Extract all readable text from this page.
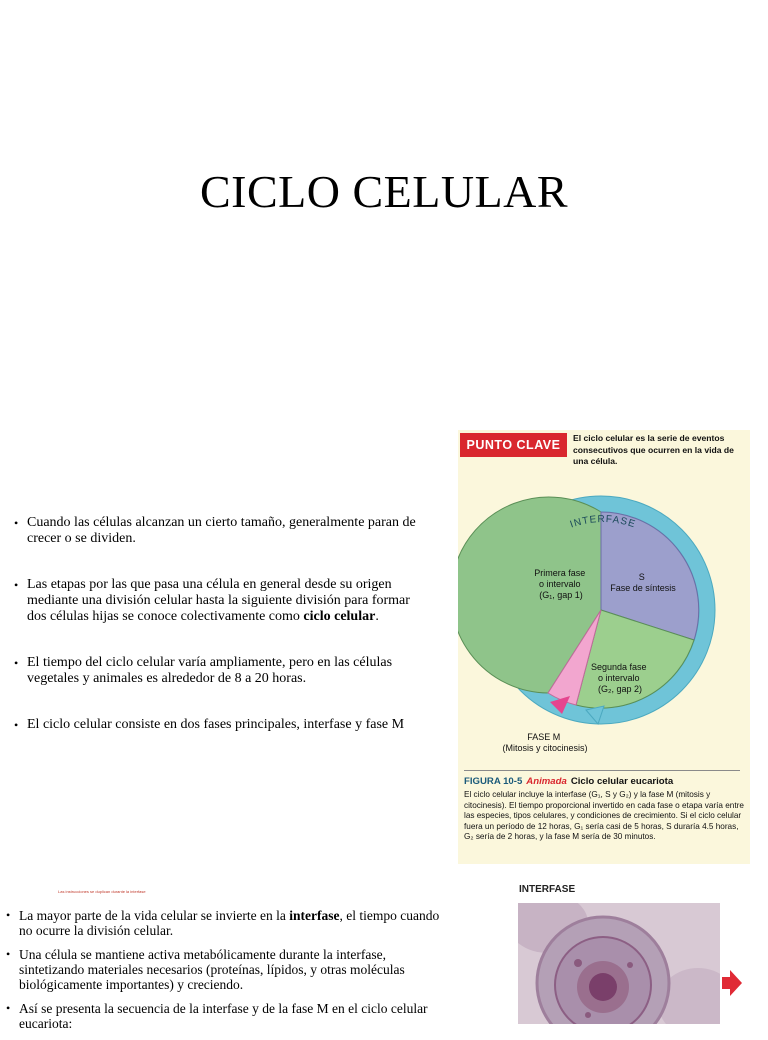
CICLO CELULAR
• Cuando las células alcanzan un cierto tamaño, generalmente paran de crecer o se dividen.
• Las etapas por las que pasa una célula en general desde su origen mediante una división celular hasta la siguiente división para formar dos células hijas se conoce colectivamente como ciclo celular.
• El tiempo del ciclo celular varía ampliamente, pero en las células vegetales y animales es alrededor de 8 a 20 horas.
• El ciclo celular consiste en dos fases principales, interfase y fase M
PUNTO CLAVE	El ciclo celular es la serie de eventos consecutivos que ocurren en la vida de una célula.
INTERFASE
Primera fase o intervalo (G₁, gap 1)
S Fase de síntesis
Segunda fase o intervalo (G₂, gap 2)
FASE M (Mitosis y citocinesis)
FIGURA 10-5 Animada Ciclo celular eucariota
El ciclo celular incluye la interfase (G₁, S y G₂) y la fase M (mitosis y citocinesis). El tiempo proporcional invertido en cada fase o etapa varía entre las especies, tipos celulares, y condiciones de crecimiento. Si el ciclo celular fuera un período de 12 horas, G₁ sería casi de 5 horas, S duraría 4.5 horas, G₂ sería de 2 horas, y la fase M sería de 30 minutos.
Las instrucciones se duplican durante la interfase
• La mayor parte de la vida celular se invierte en la interfase, el tiempo cuando no ocurre la división celular.
• Una célula se mantiene activa metabólicamente durante la interfase, sintetizando materiales necesarios (proteínas, lípidos, y otras moléculas biológicamente importantes) y creciendo.
• Así se presenta la secuencia de la interfase y de la fase M en el ciclo celular eucariota:
INTERFASE
